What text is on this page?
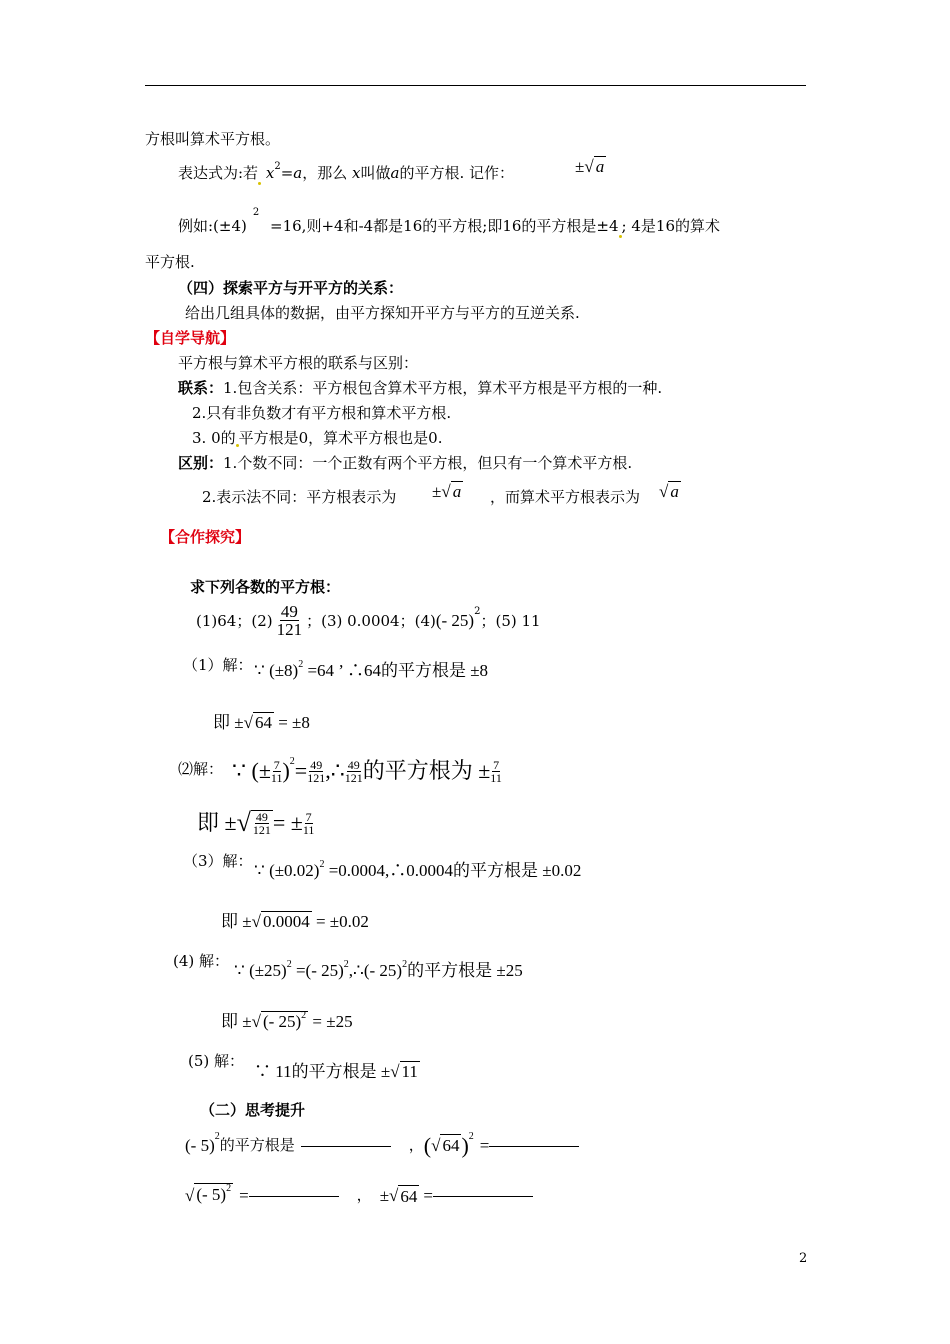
方根叫算术平方根。
表达式为:若 $x^2=a$，那么 x叫做a的平方根. 记作：	±√ a
例如$:(\pm 4)^2 =16$,则+4和-4都是16的平方根;即16的平方根是±4 ; 4是16的算术
平方根.
（四）探索平方与开平方的关系：
给出几组具体的数据，由平方探知开平方与平方的互逆关系.
【自学导航】
平方根与算术平方根的联系与区别：
联系：1.包含关系：平方根包含算术平方根，算术平方根是平方根的一种.
2.只有非负数才有平方根和算术平方根.
3. 0的 平方根是0，算术平方根也是0.
区别：1.个数不同：一个正数有两个平方根，但只有一个算术平方根.
2.表示法不同：平方根表示为 ±√ a ，而算术平方根表示为 √ a
【合作探究】
求下列各数的平方根：
(1)64； $(2) \frac{49}{121}$ ；(3) 0.0004； (4) (- 25) 2
；(5) 11
（1）解： ∵ $(\pm 8)^2 =64$ ’ ∴64的平方根是 ±8
即 ±√ 64 = ±8
⑵解： ∵ (± $\frac{7}{11}$ ) $2 = \frac{49}{121}$ ,∴ $\frac{49}{121}$ 的平方根为 ± $\frac{7}{11}$
即 ± √ $\frac{49}{121}$ = ± $\frac{7}{11}$
（3）解： ∵ $(\pm 0.02)^2$ =0.0004,∴0.0004的平方根是 ±0.02
即 ±√ 0.0004 = ±0.02
(4) 解： ∵ $(\pm 25)^2$ =(- 25)$^2$,∴(- 25)$^2$的平方根是 ±25
即 ±√ (- 25)$^2$ = ±25
(5) 解：
∵ 11的平方根是 ±√ 11
（二）思考提升
(- 5) 2
的平方根是	， ( √ 64 ) 2 =
√ (- 5)$^2$ =	， ± √ 64 =
2
